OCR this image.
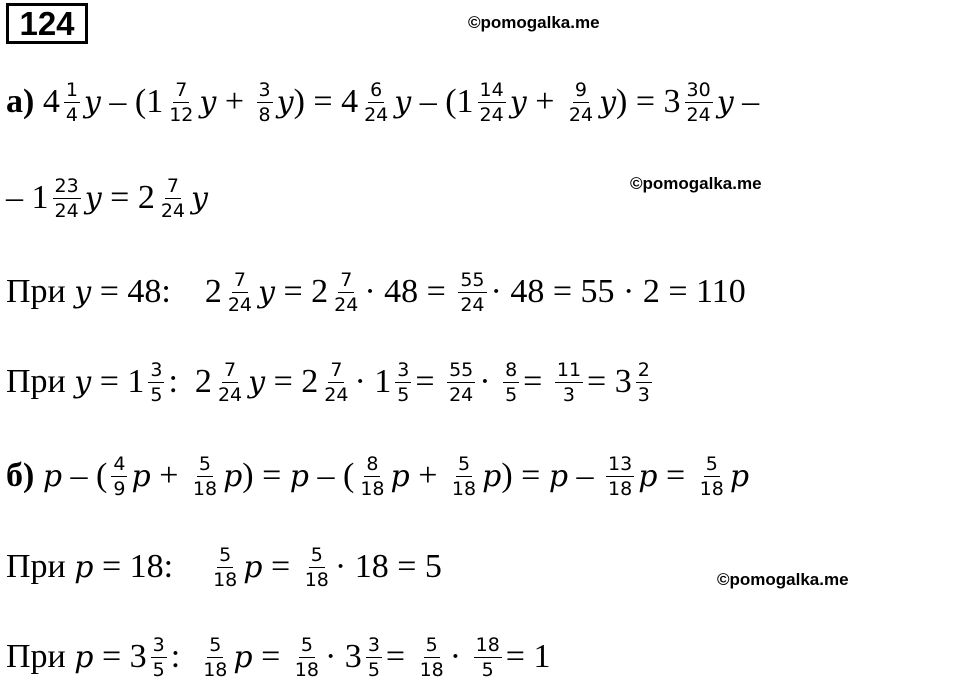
124	©pomogalka.me
©pomogalka.me
©pomogalka.me
а) $4 \frac{1}{4}$ y – ($1 \frac{7}{12}$ $y + \frac{3}{8}$ y ) = $4 \frac{6}{24}$ y – ($1 \frac{14}{24}$ $y + \frac{9}{24}$ y ) = $3 \frac{30}{24}$ y –
– $1 \frac{23}{24}$ $y = 2 \frac{7}{24}$ y
При y = 48:    $2 \frac{7}{24}$ $y = 2 \frac{7}{24} \cdot 48 = \frac{55}{24} \cdot 48 = 55 \cdot 2 = 110$
При $y = 1 \frac{3}{5}$ :  $2 \frac{7}{24}$ $y = 2 \frac{7}{24} \cdot 1 \frac{3}{5} = \frac{55}{24} \cdot \frac{8}{5} = \frac{11}{3} = 3 \frac{2}{3}$
б)
p – ( $\frac{4}{9}$ $p + \frac{5}{18}$ p ) = p – ( $\frac{8}{18}$ $p + \frac{5}{18}$ p ) = p – $\frac{13}{18}$ $p = \frac{5}{18}$ p
При p = 18: $\frac{5}{18}$ $p = \frac{5}{18} \cdot 18 = 5$
При $p = 3 \frac{3}{5}$ : $\frac{5}{18}$ $p = \frac{5}{18} \cdot 3 \frac{3}{5} = \frac{5}{18} \cdot \frac{18}{5} = 1$
